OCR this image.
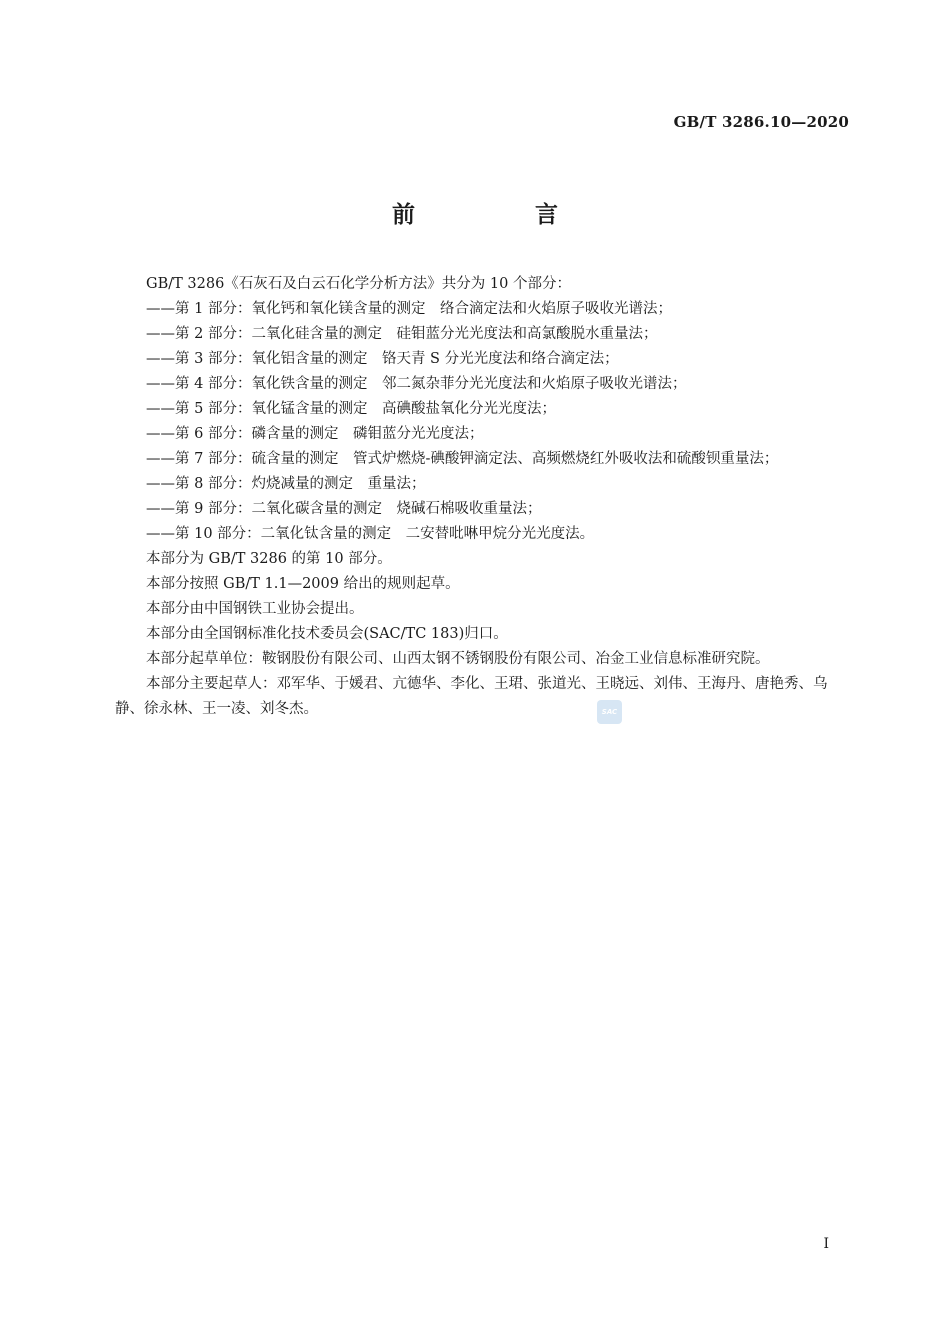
GB/T 3286.10—2020
前 言

GB/T 3286《石灰石及白云石化学分析方法》共分为 10 个部分：

——第 1 部分：氧化钙和氧化镁含量的测定　络合滴定法和火焰原子吸收光谱法；

——第 2 部分：二氧化硅含量的测定　硅钼蓝分光光度法和高氯酸脱水重量法；

——第 3 部分：氧化铝含量的测定　铬天青 S 分光光度法和络合滴定法；

——第 4 部分：氧化铁含量的测定　邻二氮杂菲分光光度法和火焰原子吸收光谱法；

——第 5 部分：氧化锰含量的测定　高碘酸盐氧化分光光度法；

——第 6 部分：磷含量的测定　磷钼蓝分光光度法；

——第 7 部分：硫含量的测定　管式炉燃烧-碘酸钾滴定法、高频燃烧红外吸收法和硫酸钡重量法；

——第 8 部分：灼烧减量的测定　重量法；

——第 9 部分：二氧化碳含量的测定　烧碱石棉吸收重量法；

——第 10 部分：二氧化钛含量的测定　二安替吡啉甲烷分光光度法。

本部分为 GB/T 3286 的第 10 部分。

本部分按照 GB/T 1.1—2009 给出的规则起草。

本部分由中国钢铁工业协会提出。

本部分由全国钢标准化技术委员会(SAC/TC 183)归口。

本部分起草单位：鞍钢股份有限公司、山西太钢不锈钢股份有限公司、冶金工业信息标准研究院。

本部分主要起草人：邓军华、于媛君、亢德华、李化、王珺、张道光、王晓远、刘伟、王海丹、唐艳秀、乌静、徐永林、王一凌、刘冬杰。	SAC
I
